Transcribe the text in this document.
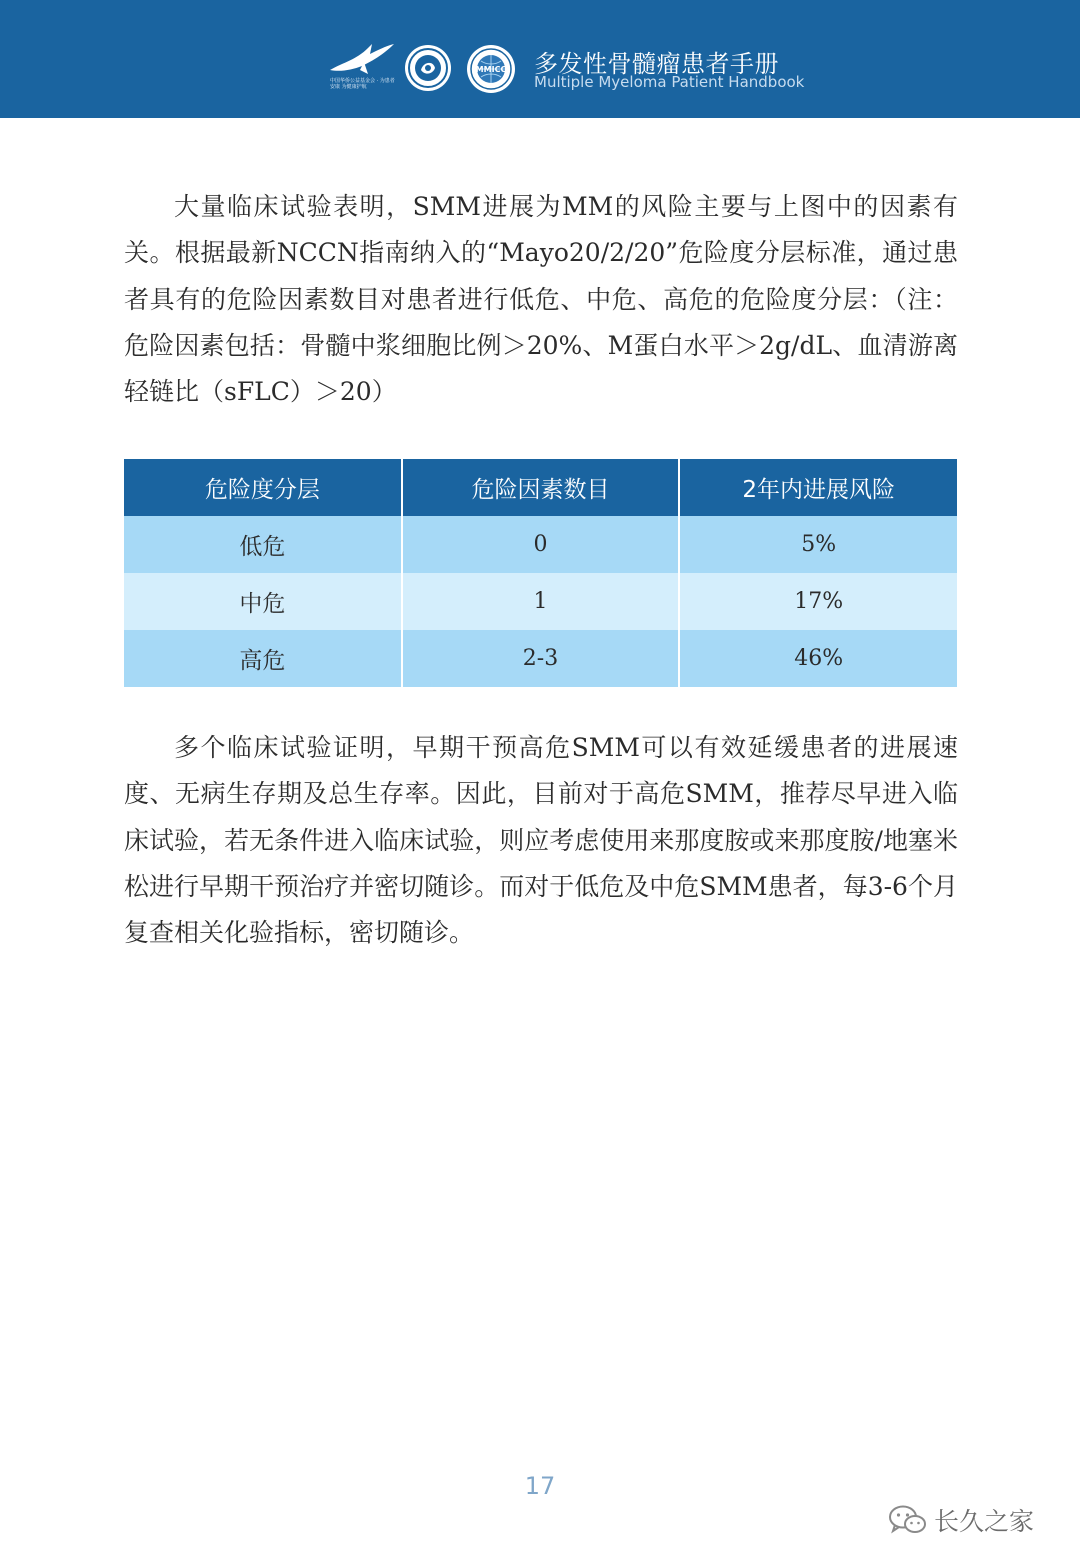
中国华侨公益基金会 · 为患者安康 为健康护航
MMICC 多发性骨髓瘤患者手册
Multiple Myeloma Patient Handbook

大量临床试验表明，SMM进展为MM的风险主要与上图中的因素有关。根据最新NCCN指南纳入的“Mayo20/2/20”危险度分层标准，通过患者具有的危险因素数目对患者进行低危、中危、高危的危险度分层：（注：危险因素包括：骨髓中浆细胞比例＞20%、M蛋白水平＞2g/dL、血清游离轻链比（sFLC）＞20）

危险度分层	危险因素数目	2年内进展风险
低危	0	5%
中危	1	17%
高危	2-3	46%

多个临床试验证明，早期干预高危SMM可以有效延缓患者的进展速度、无病生存期及总生存率。因此，目前对于高危SMM，推荐尽早进入临床试验，若无条件进入临床试验，则应考虑使用来那度胺或来那度胺/地塞米松进行早期干预治疗并密切随诊。而对于低危及中危SMM患者，每3-6个月复查相关化验指标，密切随诊。

17
长久之家
